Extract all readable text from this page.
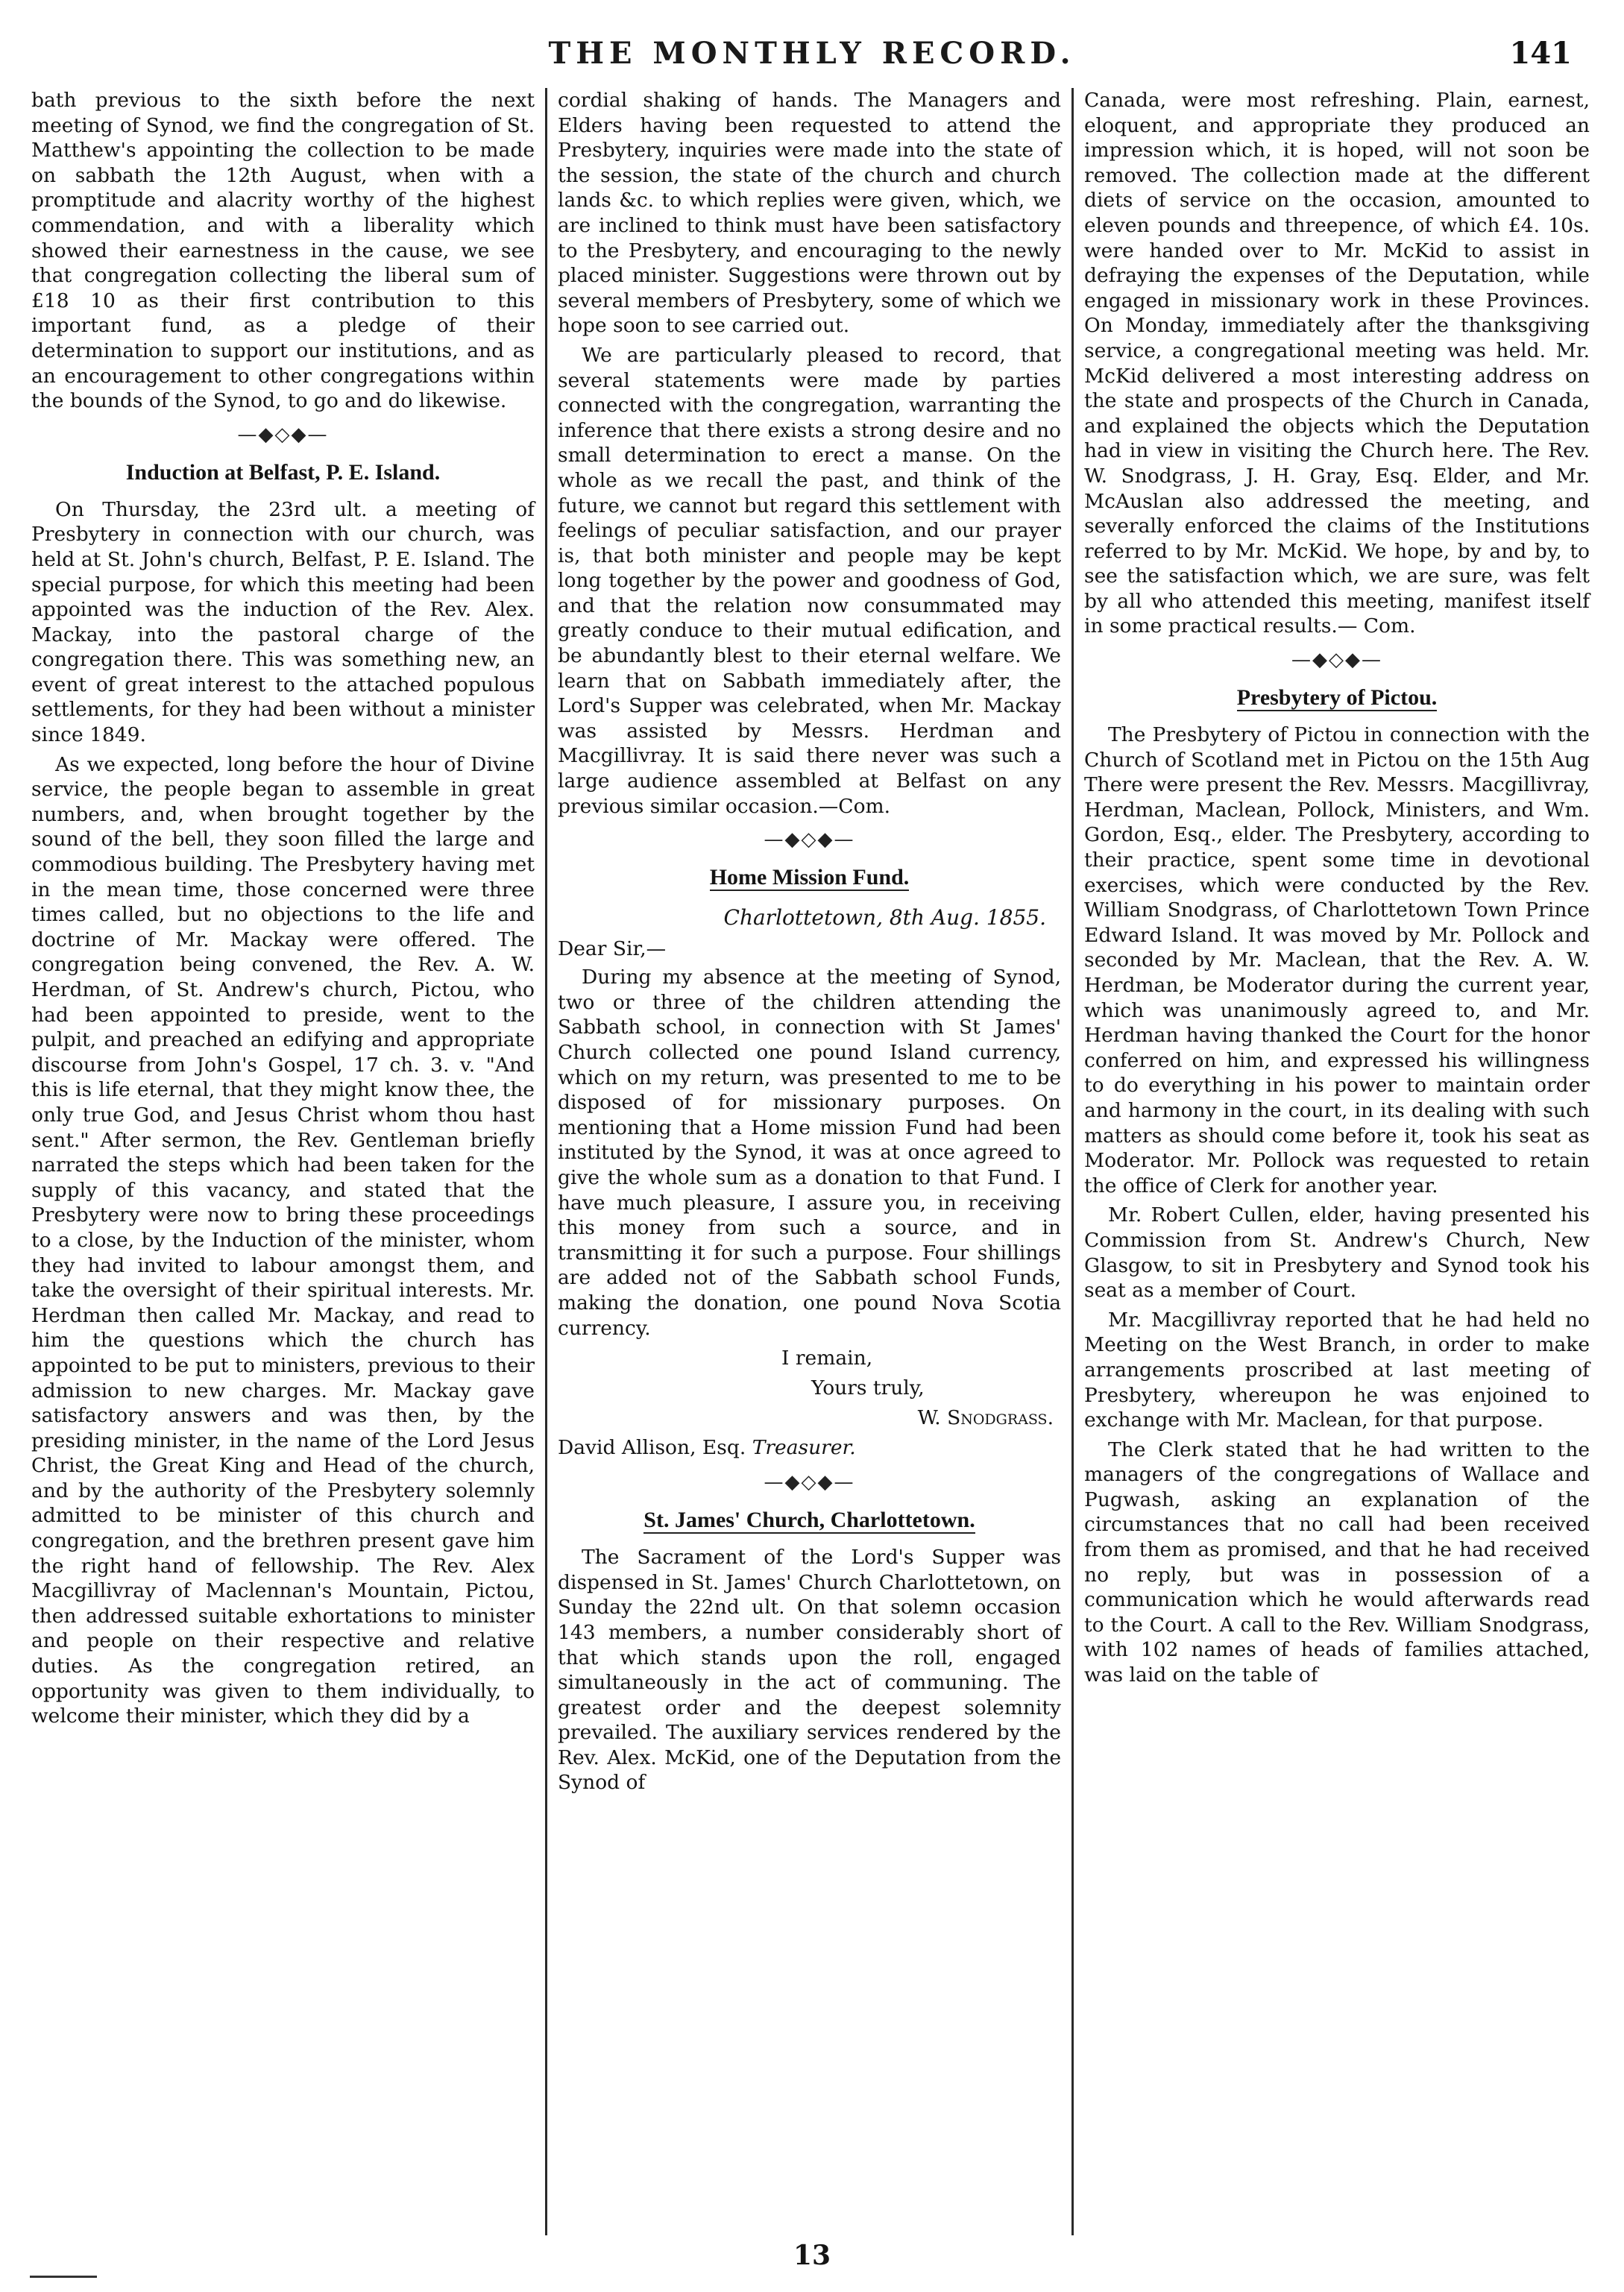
THE MONTHLY RECORD.	141

bath previous to the sixth before the next meeting of Synod, we find the congregation of St. Matthew's appointing the collection to be made on sabbath the 12th August, when with a promptitude and alacrity worthy of the highest commendation, and with a liberality which showed their earnestness in the cause, we see that congregation collecting the liberal sum of £18 10 as their first contribution to this important fund, as a pledge of their determination to support our institutions, and as an encouragement to other congregations within the bounds of the Synod, to go and do likewise.

—◆◇◆—
Induction at Belfast, P. E. Island.

On Thursday, the 23rd ult. a meeting of Presbytery in connection with our church, was held at St. John's church, Belfast, P. E. Island. The special purpose, for which this meeting had been appointed was the induction of the Rev. Alex. Mackay, into the pastoral charge of the congregation there. This was something new, an event of great interest to the attached populous settlements, for they had been without a minister since 1849.

As we expected, long before the hour of Divine service, the people began to assemble in great numbers, and, when brought together by the sound of the bell, they soon filled the large and commodious building. The Presbytery having met in the mean time, those concerned were three times called, but no objections to the life and doctrine of Mr. Mackay were offered. The congregation being convened, the Rev. A. W. Herdman, of St. Andrew's church, Pictou, who had been appointed to preside, went to the pulpit, and preached an edifying and appropriate discourse from John's Gospel, 17 ch. 3. v. "And this is life eternal, that they might know thee, the only true God, and Jesus Christ whom thou hast sent." After sermon, the Rev. Gentleman briefly narrated the steps which had been taken for the supply of this vacancy, and stated that the Presbytery were now to bring these proceedings to a close, by the Induction of the minister, whom they had invited to labour amongst them, and take the oversight of their spiritual interests. Mr. Herdman then called Mr. Mackay, and read to him the questions which the church has appointed to be put to ministers, previous to their admission to new charges. Mr. Mackay gave satisfactory answers and was then, by the presiding minister, in the name of the Lord Jesus Christ, the Great King and Head of the church, and by the authority of the Presbytery solemnly admitted to be minister of this church and congregation, and the brethren present gave him the right hand of fellowship. The Rev. Alex Macgillivray of Maclennan's Mountain, Pictou, then addressed suitable exhortations to minister and people on their respective and relative duties. As the congregation retired, an opportunity was given to them individually, to welcome their minister, which they did by a

cordial shaking of hands. The Managers and Elders having been requested to attend the Presbytery, inquiries were made into the state of the session, the state of the church and church lands &c. to which replies were given, which, we are inclined to think must have been satisfactory to the Presbytery, and encouraging to the newly placed minister. Suggestions were thrown out by several members of Presbytery, some of which we hope soon to see carried out.

We are particularly pleased to record, that several statements were made by parties connected with the congregation, warranting the inference that there exists a strong desire and no small determination to erect a manse. On the whole as we recall the past, and think of the future, we cannot but regard this settlement with feelings of peculiar satisfaction, and our prayer is, that both minister and people may be kept long together by the power and goodness of God, and that the relation now consummated may greatly conduce to their mutual edification, and be abundantly blest to their eternal welfare. We learn that on Sabbath immediately after, the Lord's Supper was celebrated, when Mr. Mackay was assisted by Messrs. Herdman and Macgillivray. It is said there never was such a large audience assembled at Belfast on any previous similar occasion.—Com.

—◆◇◆—
Home Mission Fund.
Charlottetown, 8th Aug. 1855.
Dear Sir,—

During my absence at the meeting of Synod, two or three of the children attending the Sabbath school, in connection with St James' Church collected one pound Island currency, which on my return, was presented to me to be disposed of for missionary purposes. On mentioning that a Home mission Fund had been instituted by the Synod, it was at once agreed to give the whole sum as a donation to that Fund. I have much pleasure, I assure you, in receiving this money from such a source, and in transmitting it for such a purpose. Four shillings are added not of the Sabbath school Funds, making the donation, one pound Nova Scotia currency.

I remain,
Yours truly,
W. Snodgrass.
David Allison, Esq. Treasurer.
—◆◇◆—
St. James' Church, Charlottetown.

The Sacrament of the Lord's Supper was dispensed in St. James' Church Charlottetown, on Sunday the 22nd ult. On that solemn occasion 143 members, a number considerably short of that which stands upon the roll, engaged simultaneously in the act of communing. The greatest order and the deepest solemnity prevailed. The auxiliary services rendered by the Rev. Alex. McKid, one of the Deputation from the Synod of

Canada, were most refreshing. Plain, earnest, eloquent, and appropriate they produced an impression which, it is hoped, will not soon be removed. The collection made at the different diets of service on the occasion, amounted to eleven pounds and threepence, of which £4. 10s. were handed over to Mr. McKid to assist in defraying the expenses of the Deputation, while engaged in missionary work in these Provinces. On Monday, immediately after the thanksgiving service, a congregational meeting was held. Mr. McKid delivered a most interesting address on the state and prospects of the Church in Canada, and explained the objects which the Deputation had in view in visiting the Church here. The Rev. W. Snodgrass, J. H. Gray, Esq. Elder, and Mr. McAuslan also addressed the meeting, and severally enforced the claims of the Institutions referred to by Mr. McKid. We hope, by and by, to see the satisfaction which, we are sure, was felt by all who attended this meeting, manifest itself in some practical results.— Com.

—◆◇◆—
Presbytery of Pictou.

The Presbytery of Pictou in connection with the Church of Scotland met in Pictou on the 15th Aug There were present the Rev. Messrs. Macgillivray, Herdman, Maclean, Pollock, Ministers, and Wm. Gordon, Esq., elder. The Presbytery, according to their practice, spent some time in devotional exercises, which were conducted by the Rev. William Snodgrass, of Charlottetown Town Prince Edward Island. It was moved by Mr. Pollock and seconded by Mr. Maclean, that the Rev. A. W. Herdman, be Moderator during the current year, which was unanimously agreed to, and Mr. Herdman having thanked the Court for the honor conferred on him, and expressed his willingness to do everything in his power to maintain order and harmony in the court, in its dealing with such matters as should come before it, took his seat as Moderator. Mr. Pollock was requested to retain the office of Clerk for another year.

Mr. Robert Cullen, elder, having presented his Commission from St. Andrew's Church, New Glasgow, to sit in Presbytery and Synod took his seat as a member of Court.

Mr. Macgillivray reported that he had held no Meeting on the West Branch, in order to make arrangements proscribed at last meeting of Presbytery, whereupon he was enjoined to exchange with Mr. Maclean, for that purpose.

The Clerk stated that he had written to the managers of the congregations of Wallace and Pugwash, asking an explanation of the circumstances that no call had been received from them as promised, and that he had received no reply, but was in possession of a communication which he would afterwards read to the Court. A call to the Rev. William Snodgrass, with 102 names of heads of families attached, was laid on the table of

13
